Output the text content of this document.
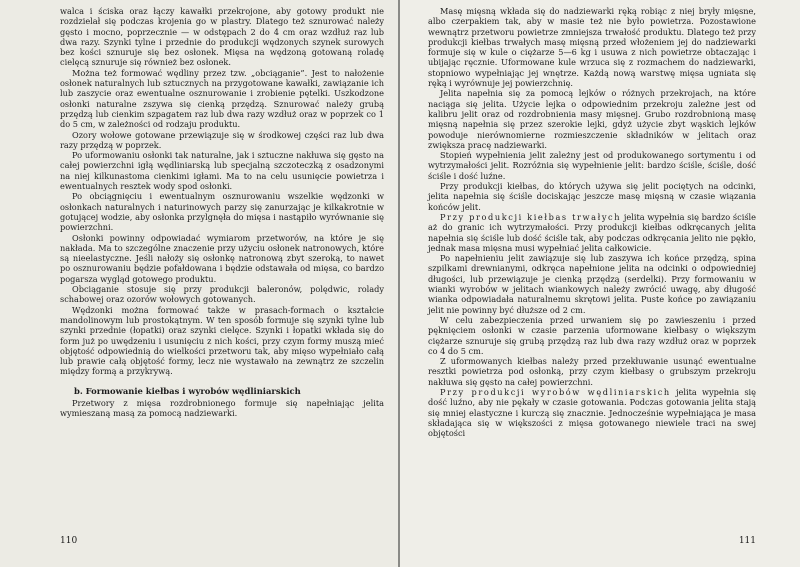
walca i ściska oraz łączy kawałki przekrojone, aby gotowy produkt nie rozdzielał się podczas krojenia go w plastry. Dlatego też sznurować należy gęsto i mocno, poprzecznie — w odstępach 2 do 4 cm oraz wzdłuż raz lub dwa razy. Szynki tylne i przednie do produkcji wędzonych szynek surowych bez kości sznuruje się bez osłonek. Mięsa na wędzoną gotowaną roladę cielęcą sznuruje się również bez osłonek.

Można też formować wędliny przez tzw. „obciąganie”. Jest to nałożenie osłonek naturalnych lub sztucznych na przygotowane kawałki, zawiązanie ich lub zaszycie oraz ewentualne osznurowanie i zrobienie pętelki. Uszkodzone osłonki naturalne zszywa się cienką przędzą. Sznurować należy grubą przędzą lub cienkim szpagatem raz lub dwa razy wzdłuż oraz w poprzek co 1 do 5 cm, w zależności od rodzaju produktu.

Ozory wołowe gotowane przewiązuje się w środkowej części raz lub dwa razy przędzą w poprzek.

Po uformowaniu osłonki tak naturalne, jak i sztuczne nakłuwa się gęsto na całej powierzchni igłą wędliniarską lub specjalną szczoteczką z osadzonymi na niej kilkunastoma cienkimi igłami. Ma to na celu usunięcie powietrza i ewentualnych resztek wody spod osłonki.

Po obciągnięciu i ewentualnym osznurowaniu wszelkie wędzonki w osłonkach naturalnych i naturinowych parzy się zanurzając je kilkakrotnie w gotującej wodzie, aby osłonka przylgnęła do mięsa i nastąpiło wyrównanie się powierzchni.

Osłonki powinny odpowiadać wymiarom przetworów, na które je się nakłada. Ma to szczególne znaczenie przy użyciu osłonek natronowych, które są nieelastyczne. Jeśli nałoży się osłonkę natronową zbyt szeroką, to nawet po osznurowaniu będzie pofałdowana i będzie odstawała od mięsa, co bardzo pogarsza wygląd gotowego produktu.

Obciąganie stosuje się przy produkcji baleronów, polędwic, rolady schabowej oraz ozorów wołowych gotowanych.

Wędzonki można formować także w prasach-formach o kształcie mandolinowym lub prostokątnym. W ten sposób formuje się szynki tylne lub szynki przednie (łopatki) oraz szynki cielęce. Szynki i łopatki wkłada się do form już po uwędzeniu i usunięciu z nich kości, przy czym formy muszą mieć objętość odpowiednią do wielkości przetworu tak, aby mięso wypełniało całą lub prawie całą objętość formy, lecz nie wystawało na zewnątrz ze szczelin między formą a przykrywą.

b. Formowanie kiełbas i wyrobów wędliniarskich

Przetwory z mięsa rozdrobnionego formuje się napełniając jelita wymieszaną masą za pomocą nadziewarki.

110

Masę mięsną wkłada się do nadziewarki ręką robiąc z niej bryły mięsne, albo czerpakiem tak, aby w masie też nie było powietrza. Pozostawione wewnątrz przetworu powietrze zmniejsza trwałość produktu. Dlatego też przy produkcji kiełbas trwałych masę mięsną przed włożeniem jej do nadziewarki formuje się w kule o ciężarze 5—6 kg i usuwa z nich powietrze obtaczając i ubijając ręcznie. Uformowane kule wrzuca się z rozmachem do nadziewarki, stopniowo wypełniając jej wnętrze. Każdą nową warstwę mięsa ugniata się ręką i wyrównuje jej powierzchnię.

Jelita napełnia się za pomocą lejków o różnych przekrojach, na które naciąga się jelita. Użycie lejka o odpowiednim przekroju zależne jest od kalibru jelit oraz od rozdrobnienia masy mięsnej. Grubo rozdrobnioną masę mięsną napełnia się przez szerokie lejki, gdyż użycie zbyt wąskich lejków powoduje nierównomierne rozmieszczenie składników w jelitach oraz zwiększa pracę nadziewarki.

Stopień wypełnienia jelit zależny jest od produkowanego sortymentu i od wytrzymałości jelit. Rozróżnia się wypełnienie jelit: bardzo ściśle, ściśle, dość ściśle i dość luźne.

Przy produkcji kiełbas, do których używa się jelit pociętych na odcinki, jelita napełnia się ściśle dociskając jeszcze masę mięsną w czasie wiązania końców jelit.

Przy produkcji kiełbas trwałych jelita wypełnia się bardzo ściśle aż do granic ich wytrzymałości. Przy produkcji kiełbas odkręcanych jelita napełnia się ściśle lub dość ściśle tak, aby podczas odkręcania jelito nie pękło, jednak masa mięsna musi wypełniać jelita całkowicie.

Po napełnieniu jelit zawiązuje się lub zaszywa ich końce przędzą, spina szpilkami drewnianymi, odkręca napełnione jelita na odcinki o odpowiedniej długości, lub przewiązuje je cienką przędzą (serdelki). Przy formowaniu w wianki wyrobów w jelitach wiankowych należy zwrócić uwagę, aby długość wianka odpowiadała naturalnemu skrętowi jelita. Puste końce po zawiązaniu jelit nie powinny być dłuższe od 2 cm.

W celu zabezpieczenia przed urwaniem się po zawieszeniu i przed pęknięciem osłonki w czasie parzenia uformowane kiełbasy o większym ciężarze sznuruje się grubą przędzą raz lub dwa razy wzdłuż oraz w poprzek co 4 do 5 cm.

Z uformowanych kiełbas należy przed przekłuwanie usunąć ewentualne resztki powietrza pod osłonką, przy czym kiełbasy o grubszym przekroju nakłuwa się gęsto na całej powierzchni.

Przy produkcji wyrobów wędliniarskich jelita wypełnia się dość luźno, aby nie pękały w czasie gotowania. Podczas gotowania jelita stają się mniej elastyczne i kurczą się znacznie. Jednocześnie wypełniająca je masa składająca się w większości z mięsa gotowanego niewiele traci na swej objętości

111
